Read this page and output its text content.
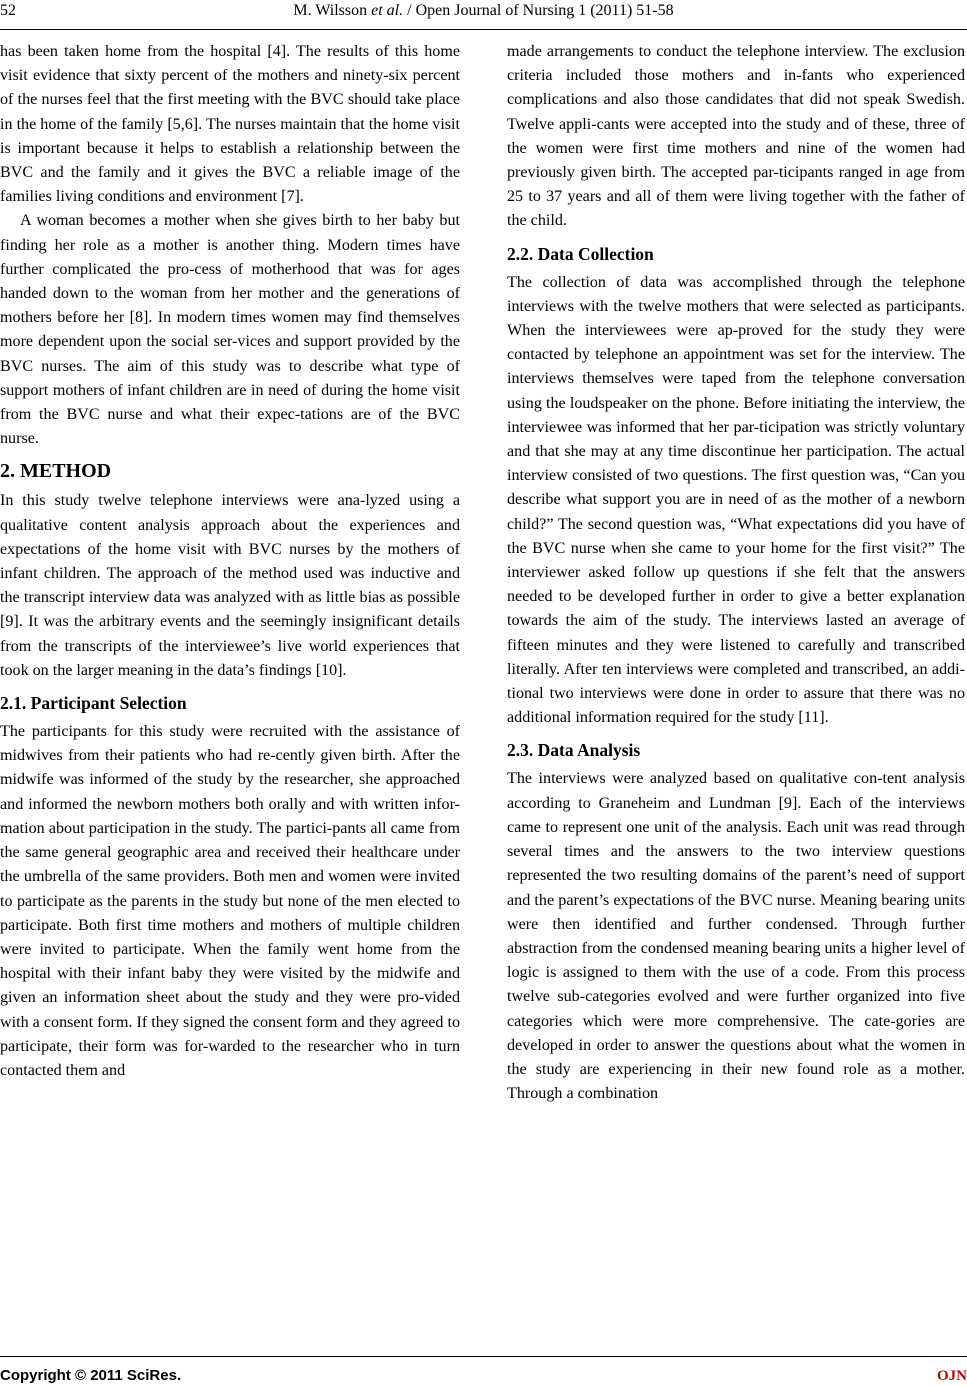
52	M. Wilsson et al. / Open Journal of Nursing 1 (2011) 51-58

has been taken home from the hospital [4]. The results of this home visit evidence that sixty percent of the mothers and ninety-six percent of the nurses feel that the first meeting with the BVC should take place in the home of the family [5,6]. The nurses maintain that the home visit is important because it helps to establish a relationship between the BVC and the family and it gives the BVC a reliable image of the families living conditions and environment [7].

A woman becomes a mother when she gives birth to her baby but finding her role as a mother is another thing. Modern times have further complicated the pro-cess of motherhood that was for ages handed down to the woman from her mother and the generations of mothers before her [8]. In modern times women may find themselves more dependent upon the social ser-vices and support provided by the BVC nurses. The aim of this study was to describe what type of support mothers of infant children are in need of during the home visit from the BVC nurse and what their expec-tations are of the BVC nurse.

2. METHOD

In this study twelve telephone interviews were ana-lyzed using a qualitative content analysis approach about the experiences and expectations of the home visit with BVC nurses by the mothers of infant children. The approach of the method used was inductive and the transcript interview data was analyzed with as little bias as possible [9]. It was the arbitrary events and the seemingly insignificant details from the transcripts of the interviewee’s live world experiences that took on the larger meaning in the data’s findings [10].

2.1. Participant Selection

The participants for this study were recruited with the assistance of midwives from their patients who had re-cently given birth. After the midwife was informed of the study by the researcher, she approached and informed the newborn mothers both orally and with written infor-mation about participation in the study. The partici-pants all came from the same general geographic area and received their healthcare under the umbrella of the same providers. Both men and women were invited to participate as the parents in the study but none of the men elected to participate. Both first time mothers and mothers of multiple children were invited to participate. When the family went home from the hospital with their infant baby they were visited by the midwife and given an information sheet about the study and they were pro-vided with a consent form. If they signed the consent form and they agreed to participate, their form was for-warded to the researcher who in turn contacted them and

made arrangements to conduct the telephone interview. The exclusion criteria included those mothers and in-fants who experienced complications and also those candidates that did not speak Swedish. Twelve appli-cants were accepted into the study and of these, three of the women were first time mothers and nine of the women had previously given birth. The accepted par-ticipants ranged in age from 25 to 37 years and all of them were living together with the father of the child.

2.2. Data Collection

The collection of data was accomplished through the telephone interviews with the twelve mothers that were selected as participants. When the interviewees were ap-proved for the study they were contacted by telephone an appointment was set for the interview. The interviews themselves were taped from the telephone conversation using the loudspeaker on the phone. Before initiating the interview, the interviewee was informed that her par-ticipation was strictly voluntary and that she may at any time discontinue her participation. The actual interview consisted of two questions. The first question was, “Can you describe what support you are in need of as the mother of a newborn child?” The second question was, “What expectations did you have of the BVC nurse when she came to your home for the first visit?” The interviewer asked follow up questions if she felt that the answers needed to be developed further in order to give a better explanation towards the aim of the study. The interviews lasted an average of fifteen minutes and they were listened to carefully and transcribed literally. After ten interviews were completed and transcribed, an addi-tional two interviews were done in order to assure that there was no additional information required for the study [11].

2.3. Data Analysis

The interviews were analyzed based on qualitative con-tent analysis according to Graneheim and Lundman [9]. Each of the interviews came to represent one unit of the analysis. Each unit was read through several times and the answers to the two interview questions represented the two resulting domains of the parent’s need of support and the parent’s expectations of the BVC nurse. Meaning bearing units were then identified and further condensed. Through further abstraction from the condensed meaning bearing units a higher level of logic is assigned to them with the use of a code. From this process twelve sub-categories evolved and were further organized into five categories which were more comprehensive. The cate-gories are developed in order to answer the questions about what the women in the study are experiencing in their new found role as a mother. Through a combination

Copyright © 2011 SciRes.	OJN
